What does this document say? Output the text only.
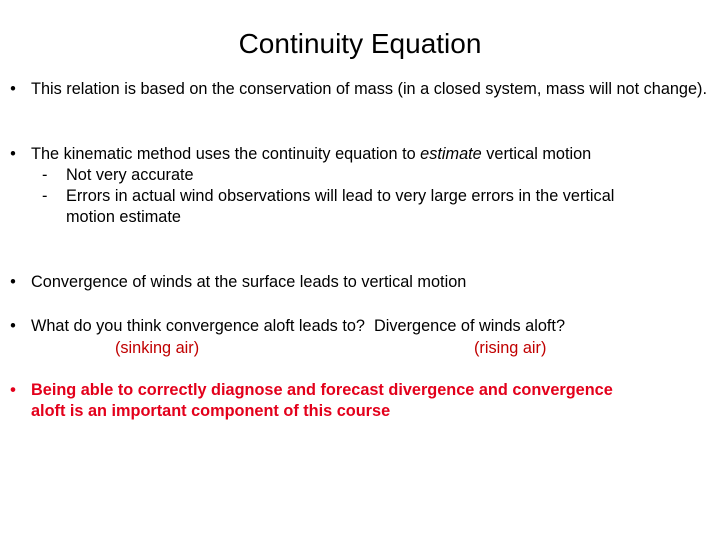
Continuity Equation
• This relation is based on the conservation of mass (in a closed system, mass will not change).
• The kinematic method uses the continuity equation to estimate vertical motion
- Not very accurate
- Errors in actual wind observations will lead to very large errors in the vertical
motion estimate
• Convergence of winds at the surface leads to vertical motion
• What do you think convergence aloft leads to? Divergence of winds aloft?
(sinking air)	(rising air)
• Being able to correctly diagnose and forecast divergence and convergence
aloft is an important component of this course
